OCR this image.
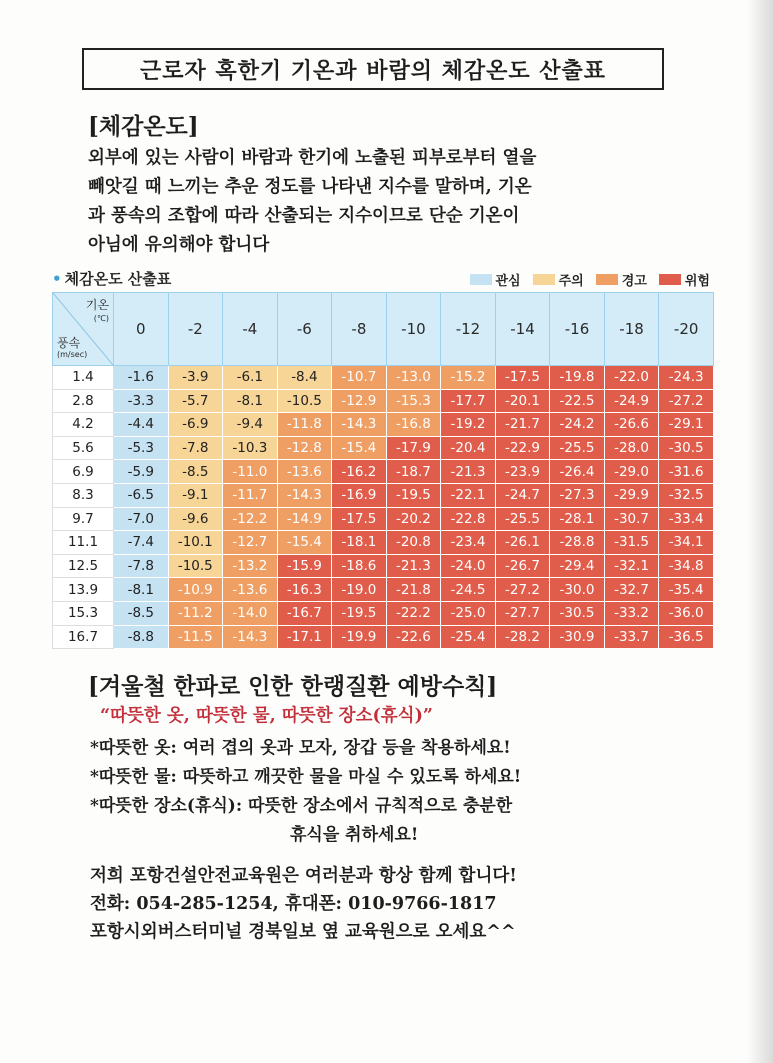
근로자 혹한기 기온과 바람의 체감온도 산출표
[체감온도]
외부에 있는 사람이 바람과 한기에 노출된 피부로부터 열을
빼앗길 때 느끼는 추운 정도를 나타낸 지수를 말하며, 기온
과 풍속의 조합에 따라 산출되는 지수이므로 단순 기온이
아님에 유의해야 합니다
• 체감온도 산출표	관심	주의	경고	위험
기온
(℃)
풍속
(m/sec)	0	-2	-4	-6	-8	-10	-12	-14	-16	-18	-20
1.4	-1.6	-3.9	-6.1	-8.4	-10.7	-13.0	-15.2	-17.5	-19.8	-22.0	-24.3
2.8	-3.3	-5.7	-8.1	-10.5	-12.9	-15.3	-17.7	-20.1	-22.5	-24.9	-27.2
4.2	-4.4	-6.9	-9.4	-11.8	-14.3	-16.8	-19.2	-21.7	-24.2	-26.6	-29.1
5.6	-5.3	-7.8	-10.3	-12.8	-15.4	-17.9	-20.4	-22.9	-25.5	-28.0	-30.5
6.9	-5.9	-8.5	-11.0	-13.6	-16.2	-18.7	-21.3	-23.9	-26.4	-29.0	-31.6
8.3	-6.5	-9.1	-11.7	-14.3	-16.9	-19.5	-22.1	-24.7	-27.3	-29.9	-32.5
9.7	-7.0	-9.6	-12.2	-14.9	-17.5	-20.2	-22.8	-25.5	-28.1	-30.7	-33.4
11.1	-7.4	-10.1	-12.7	-15.4	-18.1	-20.8	-23.4	-26.1	-28.8	-31.5	-34.1
12.5	-7.8	-10.5	-13.2	-15.9	-18.6	-21.3	-24.0	-26.7	-29.4	-32.1	-34.8
13.9	-8.1	-10.9	-13.6	-16.3	-19.0	-21.8	-24.5	-27.2	-30.0	-32.7	-35.4
15.3	-8.5	-11.2	-14.0	-16.7	-19.5	-22.2	-25.0	-27.7	-30.5	-33.2	-36.0
16.7	-8.8	-11.5	-14.3	-17.1	-19.9	-22.6	-25.4	-28.2	-30.9	-33.7	-36.5
[겨울철 한파로 인한 한랭질환 예방수칙]
“따뜻한 옷, 따뜻한 물, 따뜻한 장소(휴식)”
*따뜻한 옷: 여러 겹의 옷과 모자, 장갑 등을 착용하세요!
*따뜻한 물: 따뜻하고 깨끗한 물을 마실 수 있도록 하세요!
*따뜻한 장소(휴식): 따뜻한 장소에서 규칙적으로 충분한
휴식을 취하세요!
저희 포항건설안전교육원은 여러분과 항상 함께 합니다!
전화: 054-285-1254, 휴대폰: 010-9766-1817
포항시외버스터미널 경북일보 옆 교육원으로 오세요^^
